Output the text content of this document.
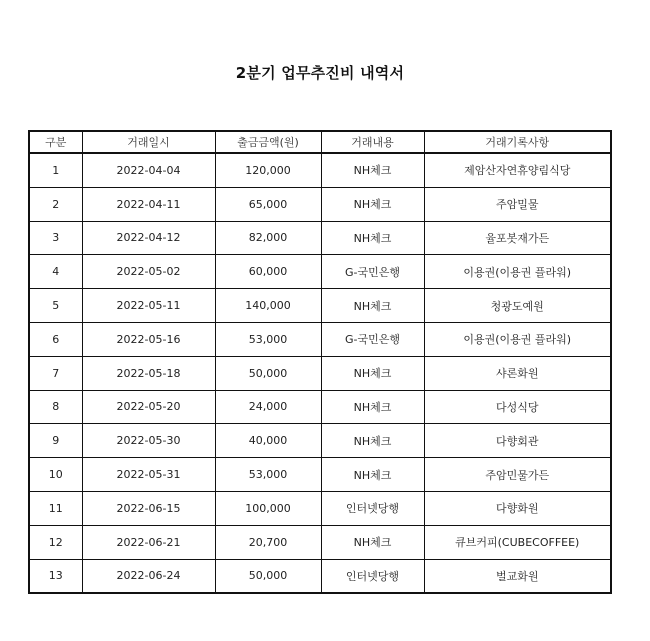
2분기 업무추진비 내역서
구분	거래일시	출금금액(원)	거래내용	거래기록사항
1	2022-04-04	120,000	NH체크	제암산자연휴양림식당
2	2022-04-11	65,000	NH체크	주암밀물
3	2022-04-12	82,000	NH체크	율포봇재가든
4	2022-05-02	60,000	G-국민은행	이용권(이용권 플라워)
5	2022-05-11	140,000	NH체크	청광도예원
6	2022-05-16	53,000	G-국민은행	이용권(이용권 플라워)
7	2022-05-18	50,000	NH체크	샤론화원
8	2022-05-20	24,000	NH체크	다성식당
9	2022-05-30	40,000	NH체크	다향회관
10	2022-05-31	53,000	NH체크	주암민물가든
11	2022-06-15	100,000	인터넷당행	다향화원
12	2022-06-21	20,700	NH체크	큐브커피(CUBECOFFEE)
13	2022-06-24	50,000	인터넷당행	벌교화원
